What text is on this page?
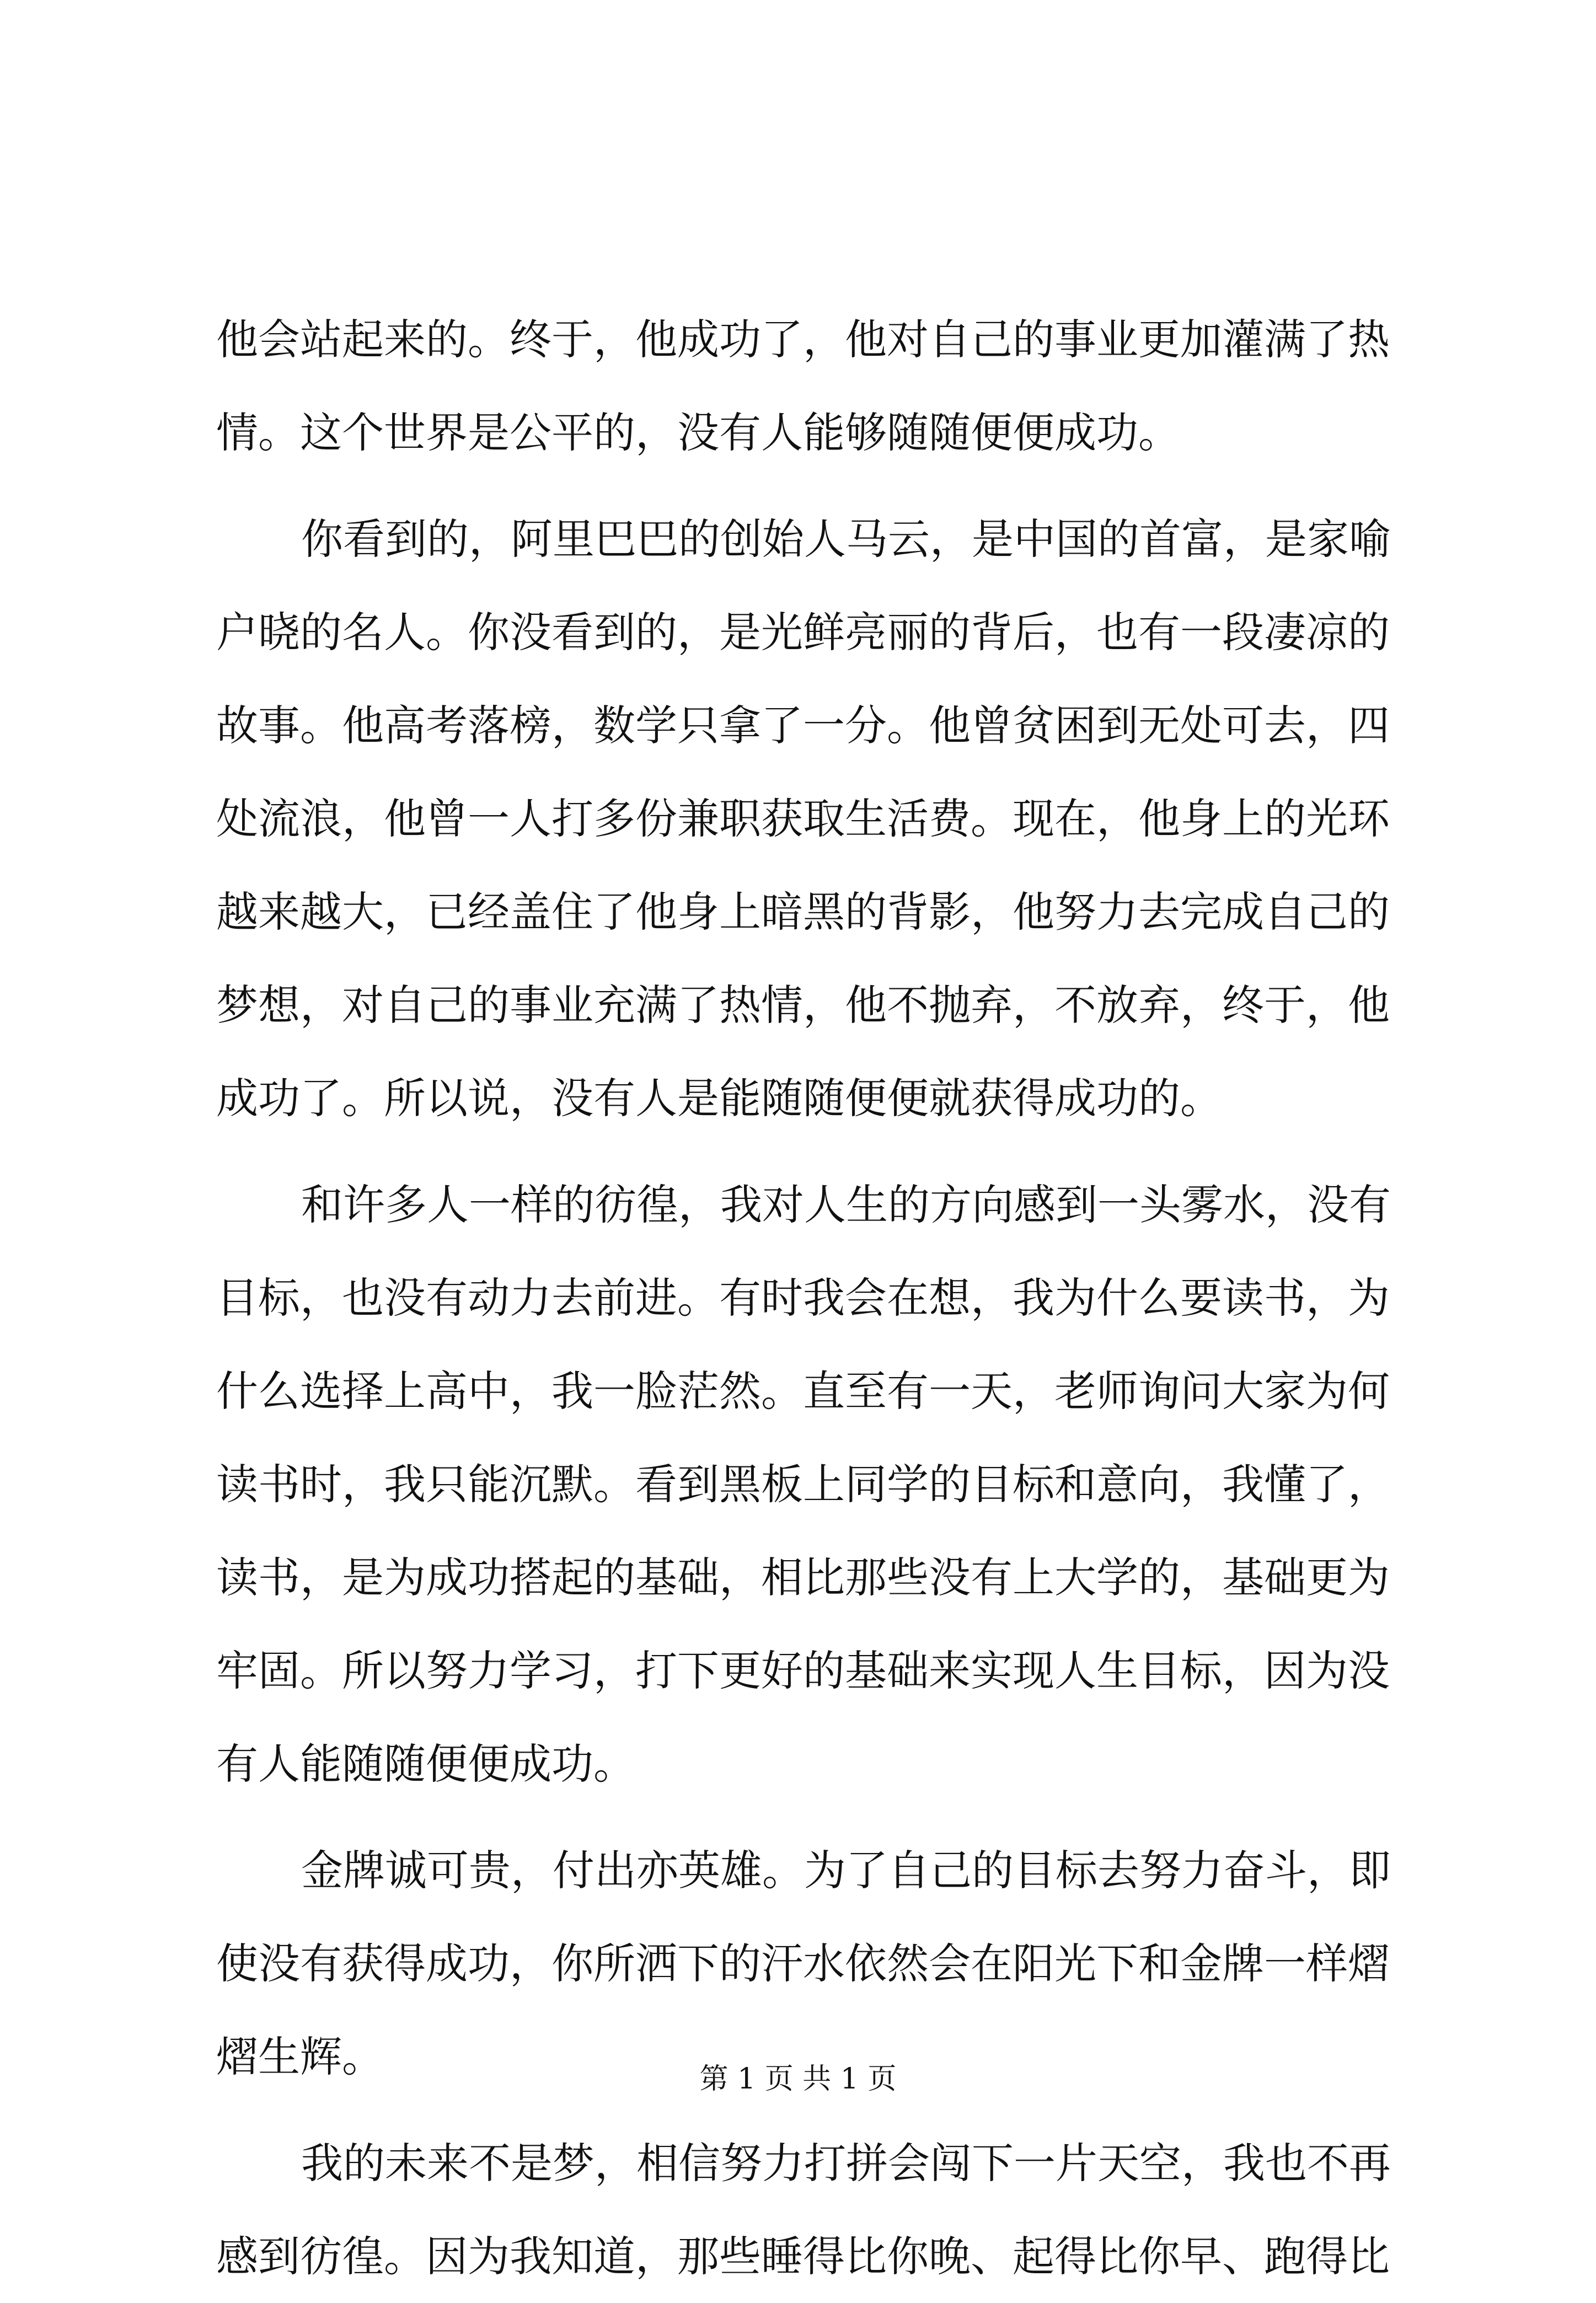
他会站起来的。终于，他成功了，他对自己的事业更加灌满了热
情。这个世界是公平的，没有人能够随随便便成功。
你看到的，阿里巴巴的创始人马云，是中国的首富，是家喻
户晓的名人。你没看到的，是光鲜亮丽的背后，也有一段凄凉的
故事。他高考落榜，数学只拿了一分。他曾贫困到无处可去，四
处流浪，他曾一人打多份兼职获取生活费。现在，他身上的光环
越来越大，已经盖住了他身上暗黑的背影，他努力去完成自己的
梦想，对自己的事业充满了热情，他不抛弃，不放弃，终于，他
成功了。所以说，没有人是能随随便便就获得成功的。
和许多人一样的彷徨，我对人生的方向感到一头雾水，没有
目标，也没有动力去前进。有时我会在想，我为什么要读书，为
什么选择上高中，我一脸茫然。直至有一天，老师询问大家为何
读书时，我只能沉默。看到黑板上同学的目标和意向，我懂了，
读书，是为成功搭起的基础，相比那些没有上大学的，基础更为
牢固。所以努力学习，打下更好的基础来实现人生目标，因为没
有人能随随便便成功。
金牌诚可贵，付出亦英雄。为了自己的目标去努力奋斗，即
使没有获得成功，你所洒下的汗水依然会在阳光下和金牌一样熠
熠生辉。
我的未来不是梦，相信努力打拼会闯下一片天空，我也不再
感到彷徨。因为我知道，那些睡得比你晚、起得比你早、跑得比
第 1 页 共 1 页
